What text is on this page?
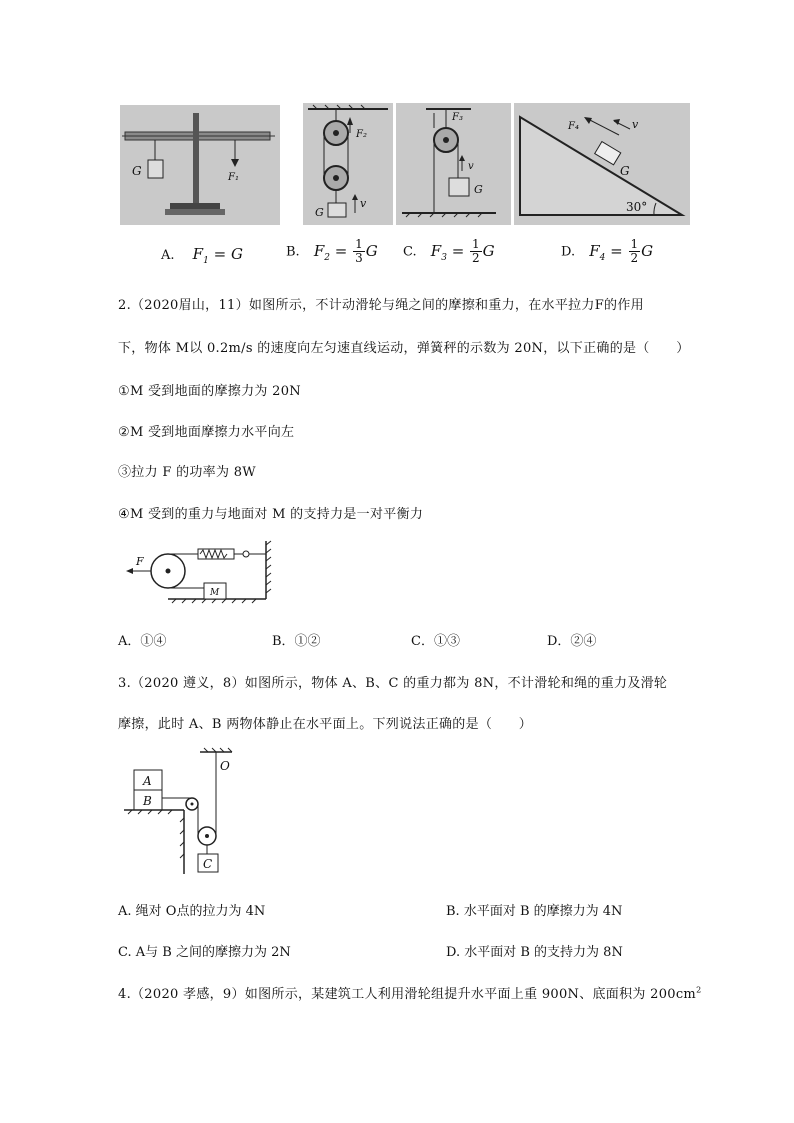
G	F₁
F₂
G
v
F₃
G
v
F₄	v
G
30°
A. $F_1 = G$	B. $F_2 = \frac{1}{3}$ G C. $F_3 = \frac{1}{2}$ G	D. $F_4 = \frac{1}{2}$ G
2.（2020眉山，11）如图所示，不计动滑轮与绳之间的摩擦和重力，在水平拉力F的作用
下，物体 M以 0.2m/s 的速度向左匀速直线运动，弹簧秤的示数为 20N，以下正确的是（　　）
①M 受到地面的摩擦力为 20N
②M 受到地面摩擦力水平向左
③拉力 F 的功率为 8W
④M 受到的重力与地面对 M 的支持力是一对平衡力
F
M
A．①④	B．①②	C．①③	D．②④
3.（2020 遵义，8）如图所示，物体 A、B、C 的重力都为 8N，不计滑轮和绳的重力及滑轮
摩擦，此时 A、B 两物体静止在水平面上。下列说法正确的是（　　）
O
A
B
C
A. 绳对 O点的拉力为 4N	B. 水平面对 B 的摩擦力为 4N
C. A与 B 之间的摩擦力为 2N	D. 水平面对 B 的支持力为 8N
4.（2020 孝感，9）如图所示，某建筑工人利用滑轮组提升水平面上重 900N、底面积为 $200cm^2$
